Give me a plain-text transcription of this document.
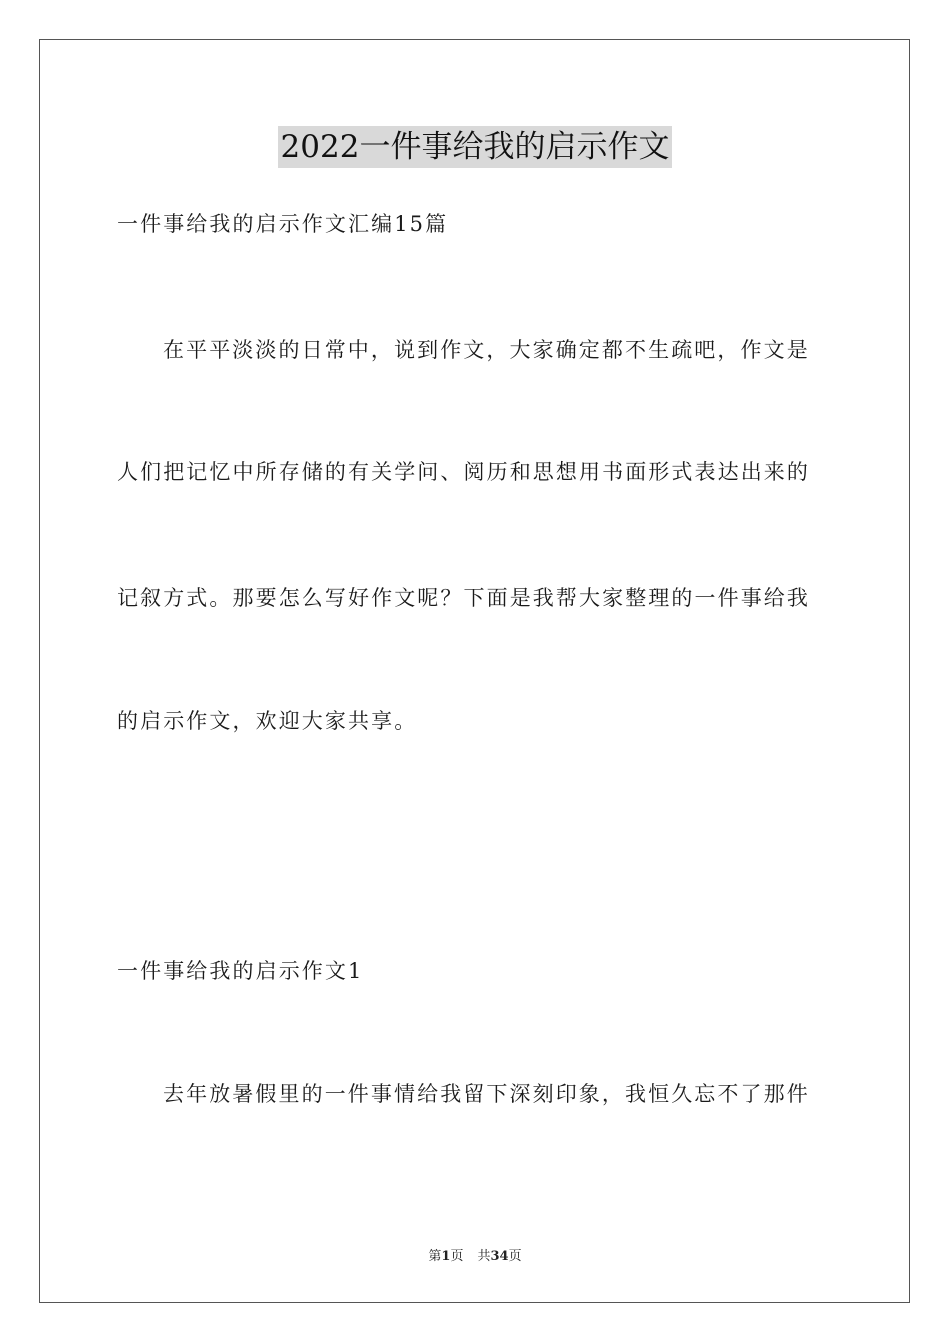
2022一件事给我的启示作文
一件事给我的启示作文汇编15篇
在平平淡淡的日常中，说到作文，大家确定都不生疏吧，作文是
人们把记忆中所存储的有关学问、阅历和思想用书面形式表达出来的
记叙方式。那要怎么写好作文呢？下面是我帮大家整理的一件事给我
的启示作文，欢迎大家共享。
一件事给我的启示作文1
去年放暑假里的一件事情给我留下深刻印象，我恒久忘不了那件
第1页 共34页
